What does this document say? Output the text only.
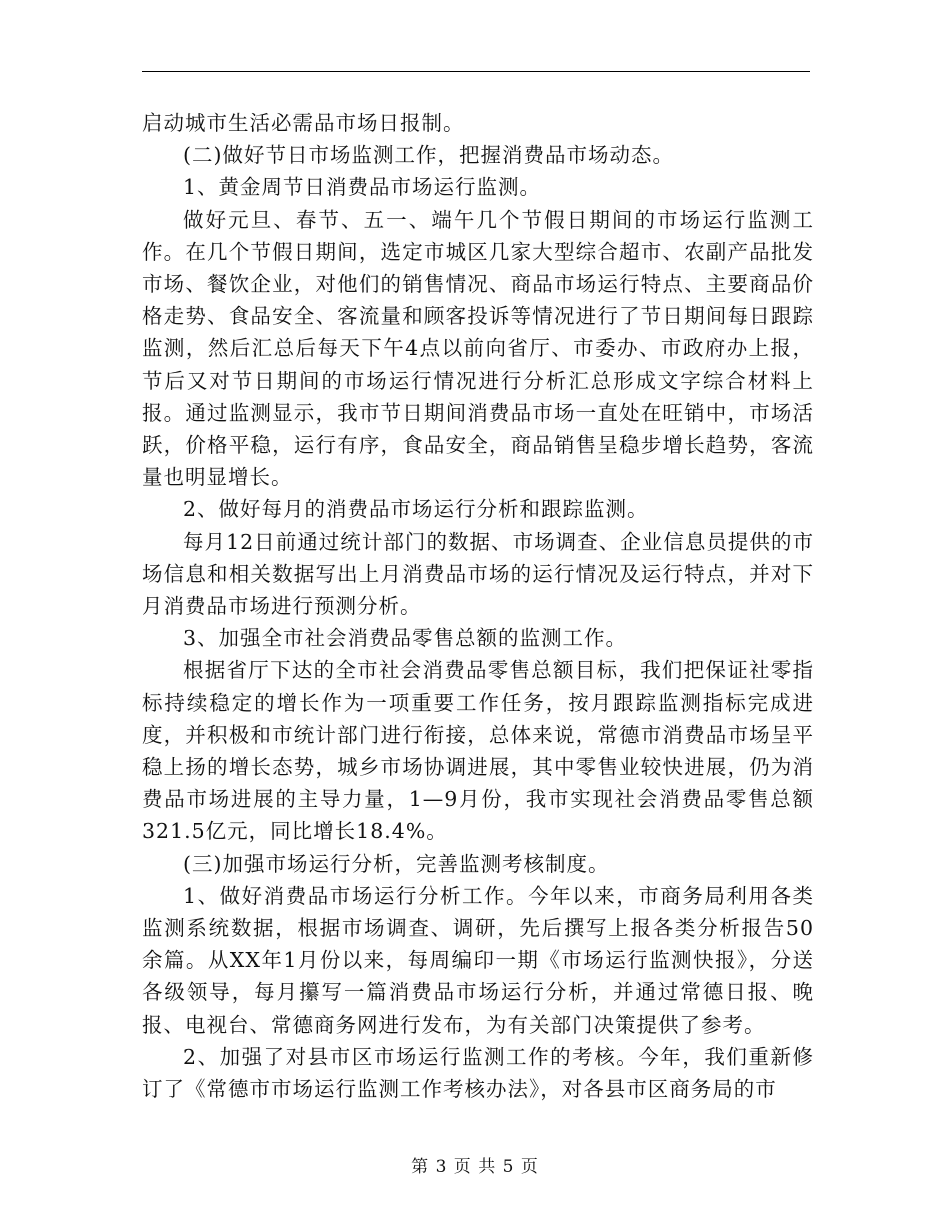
启动城市生活必需品市场日报制。

(二)做好节日市场监测工作，把握消费品市场动态。

1、黄金周节日消费品市场运行监测。

做好元旦、春节、五一、端午几个节假日期间的市场运行监测工作。在几个节假日期间，选定市城区几家大型综合超市、农副产品批发市场、餐饮企业，对他们的销售情况、商品市场运行特点、主要商品价格走势、食品安全、客流量和顾客投诉等情况进行了节日期间每日跟踪监测，然后汇总后每天下午4点以前向省厅、市委办、市政府办上报，节后又对节日期间的市场运行情况进行分析汇总形成文字综合材料上报。通过监测显示，我市节日期间消费品市场一直处在旺销中，市场活跃，价格平稳，运行有序，食品安全，商品销售呈稳步增长趋势，客流量也明显增长。

2、做好每月的消费品市场运行分析和跟踪监测。

每月12日前通过统计部门的数据、市场调查、企业信息员提供的市场信息和相关数据写出上月消费品市场的运行情况及运行特点，并对下月消费品市场进行预测分析。

3、加强全市社会消费品零售总额的监测工作。

根据省厅下达的全市社会消费品零售总额目标，我们把保证社零指标持续稳定的增长作为一项重要工作任务，按月跟踪监测指标完成进度，并积极和市统计部门进行衔接，总体来说，常德市消费品市场呈平稳上扬的增长态势，城乡市场协调进展，其中零售业较快进展，仍为消费品市场进展的主导力量，1—9月份，我市实现社会消费品零售总额321.5亿元，同比增长18.4%。

(三)加强市场运行分析，完善监测考核制度。

1、做好消费品市场运行分析工作。今年以来，市商务局利用各类监测系统数据，根据市场调查、调研，先后撰写上报各类分析报告50余篇。从XX年1月份以来，每周编印一期《市场运行监测快报》，分送各级领导，每月攥写一篇消费品市场运行分析，并通过常德日报、晚报、电视台、常德商务网进行发布，为有关部门决策提供了参考。

2、加强了对县市区市场运行监测工作的考核。今年，我们重新修订了《常德市市场运行监测工作考核办法》，对各县市区商务局的市

第 3 页 共 5 页
